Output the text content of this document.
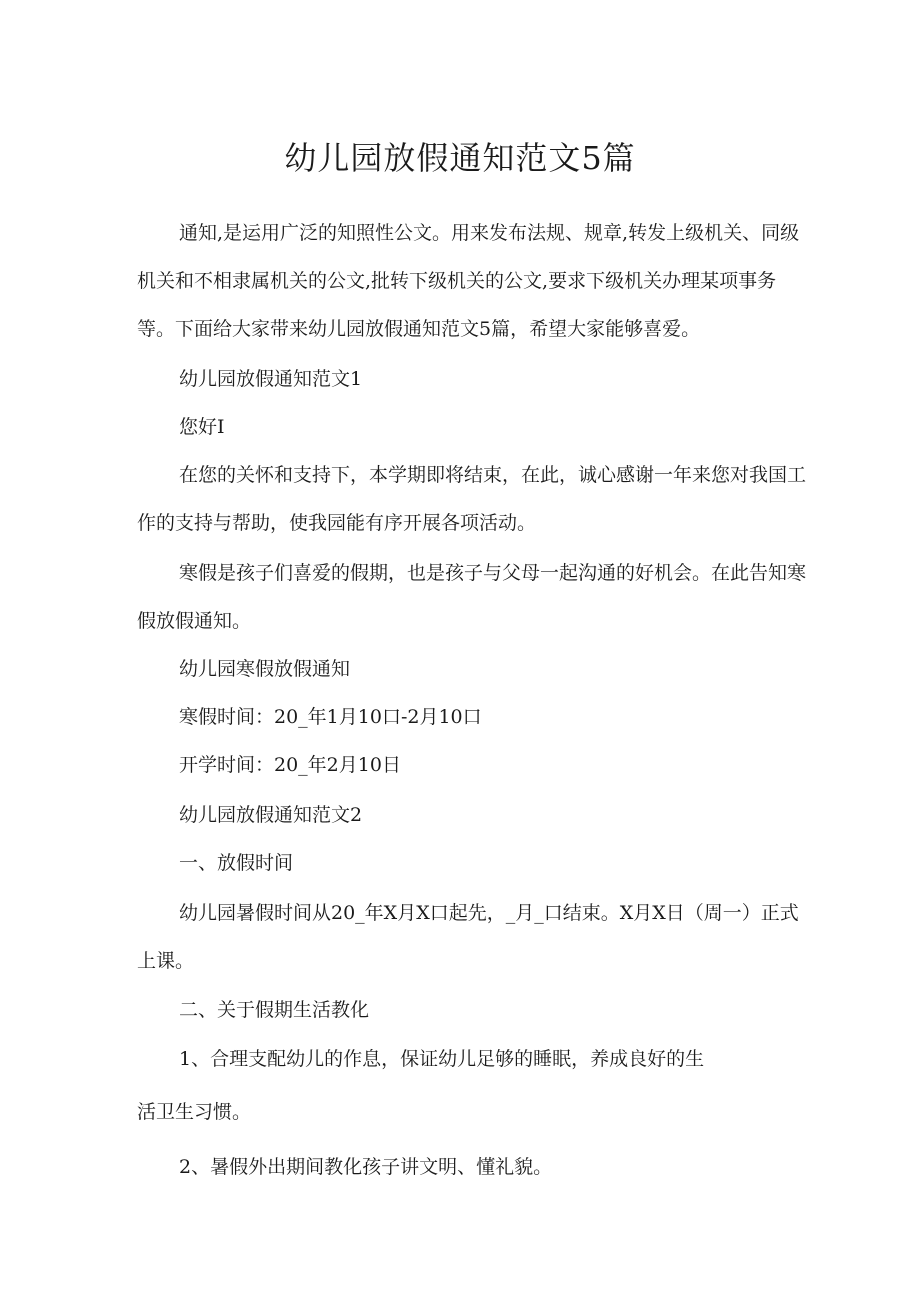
幼儿园放假通知范文5篇

通知,是运用广泛的知照性公文。用来发布法规、规章,转发上级机关、同级

机关和不相隶属机关的公文,批转下级机关的公文,要求下级机关办理某项事务

等。下面给大家带来幼儿园放假通知范文5篇，希望大家能够喜爱。

幼儿园放假通知范文1

您好I

在您的关怀和支持下，本学期即将结束，在此，诚心感谢一年来您对我国工

作的支持与帮助，使我园能有序开展各项活动。

寒假是孩子们喜爱的假期，也是孩子与父母一起沟通的好机会。在此告知寒

假放假通知。

幼儿园寒假放假通知

寒假时间：20_年1月10口-2月10口

开学时间：20_年2月10日

幼儿园放假通知范文2

一、放假时间

幼儿园暑假时间从20_年X月X口起先，_月_口结束。X月X日（周一）正式

上课。

二、关于假期生活教化

1、合理支配幼儿的作息，保证幼儿足够的睡眠，养成良好的生

活卫生习惯。

2、暑假外出期间教化孩子讲文明、懂礼貌。
